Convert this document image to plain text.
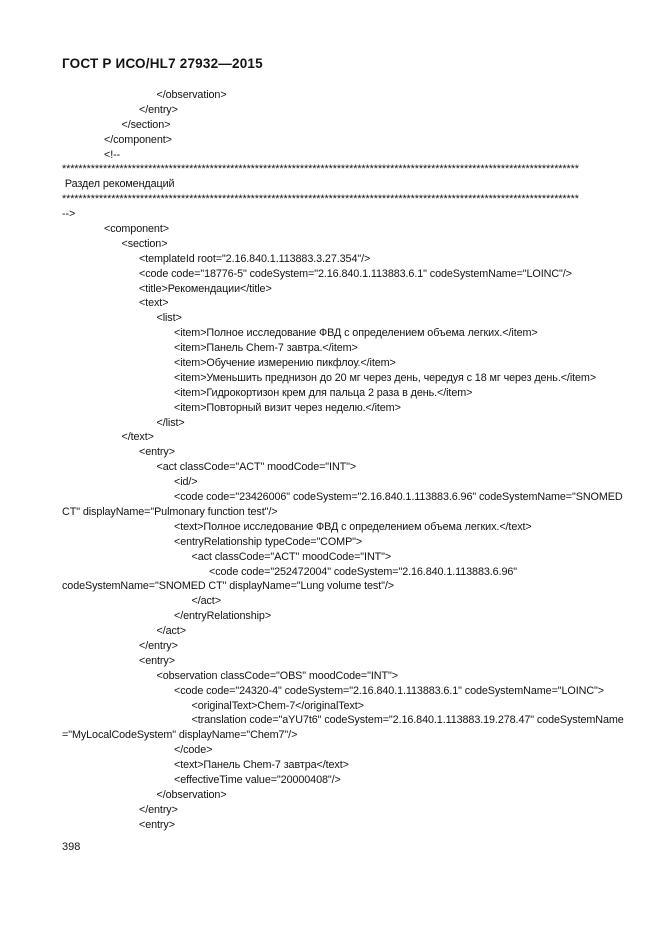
ГОСТ Р ИСО/HL7 27932—2015
</observation>
</entry>
</section>
</component>
<!--
******************************************************************************************************************************
Раздел рекомендаций
******************************************************************************************************************************
-->
<component>
<section>
<templateId root="2.16.840.1.113883.3.27.354"/>
<code code="18776-5" codeSystem="2.16.840.1.113883.6.1" codeSystemName="LOINC"/>
<title>Рекомендации</title>
<text>
<list>
<item>Полное исследование ФВД с определением объема легких.</item>
<item>Панель Chem-7 завтра.</item>
<item>Обучение измерению пикфлоу.</item>
<item>Уменьшить преднизон до 20 мг через день, чередуя с 18 мг через день.</item>
<item>Гидрокортизон крем для пальца 2 раза в день.</item>
<item>Повторный визит через неделю.</item>
</list>
</text>
<entry>
<act classCode="ACT" moodCode="INT">
<id/>
<code code="23426006" codeSystem="2.16.840.1.113883.6.96" codeSystemName="SNOMED
CT" displayName="Pulmonary function test"/>
<text>Полное исследование ФВД с определением объема легких.</text>
<entryRelationship typeCode="COMP">
<act classCode="ACT" moodCode="INT">
<code code="252472004" codeSystem="2.16.840.1.113883.6.96"
codeSystemName="SNOMED CT" displayName="Lung volume test"/>
</act>
</entryRelationship>
</act>
</entry>
<entry>
<observation classCode="OBS" moodCode="INT">
<code code="24320-4" codeSystem="2.16.840.1.113883.6.1" codeSystemName="LOINC">
<originalText>Chem-7</originalText>
<translation code="aYU7t6" codeSystem="2.16.840.1.113883.19.278.47" codeSystemName
="MyLocalCodeSystem" displayName="Chem7"/>
</code>
<text>Панель Chem-7 завтра</text>
<effectiveTime value="20000408"/>
</observation>
</entry>
<entry>
398
